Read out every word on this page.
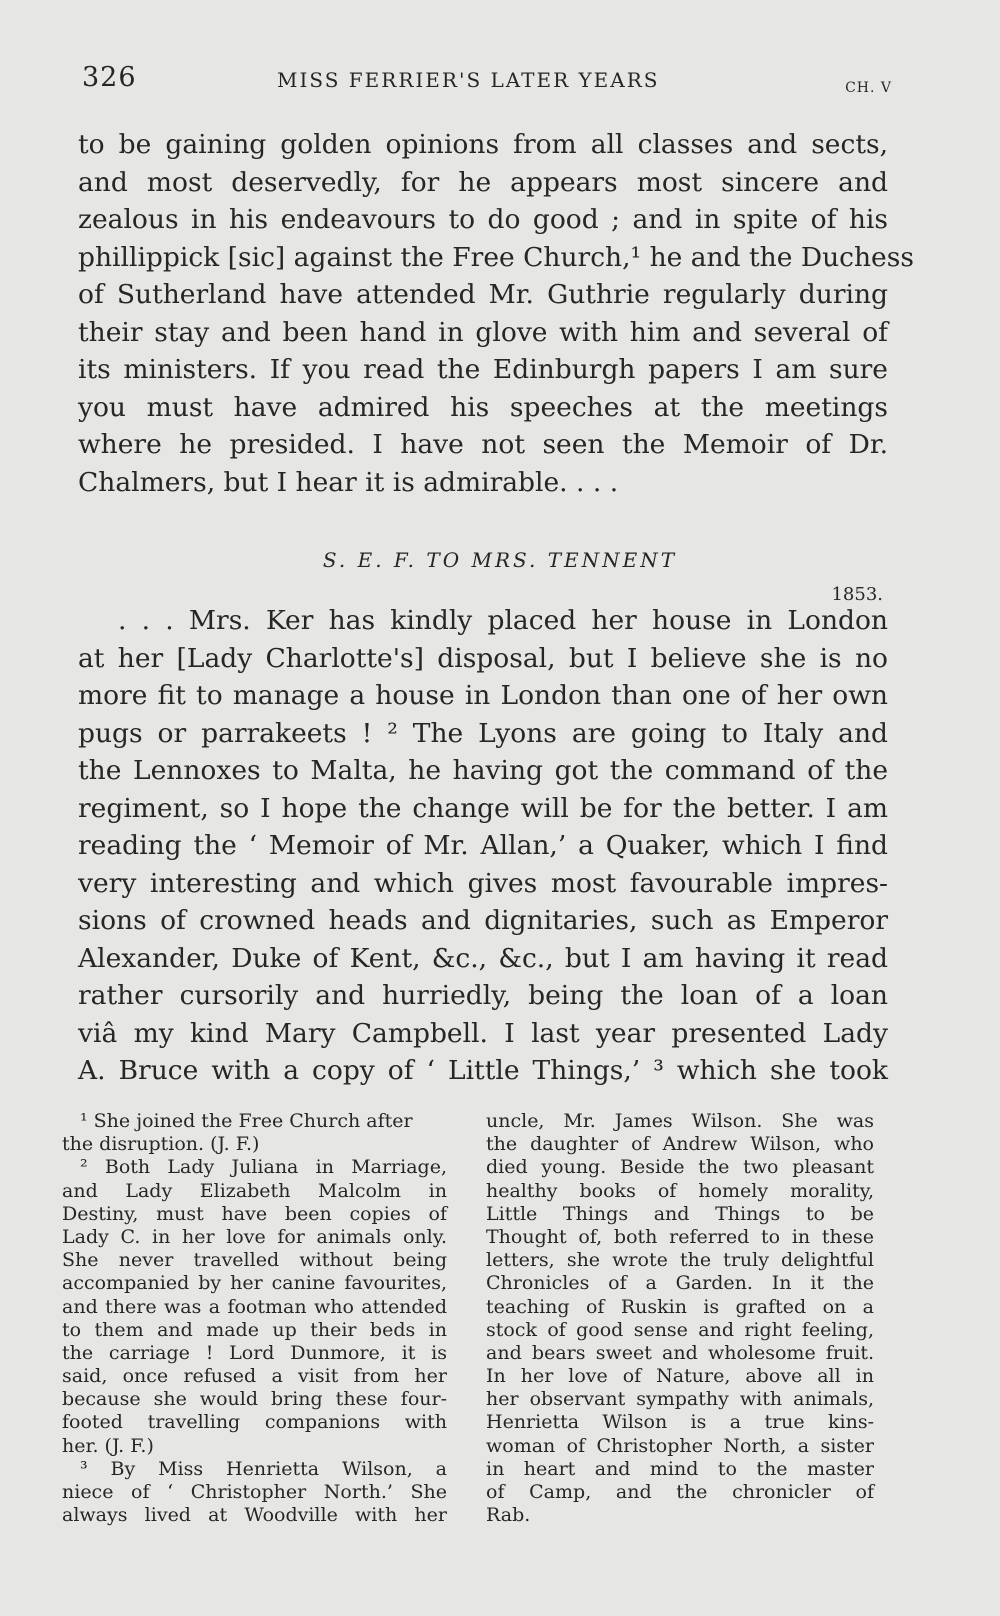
326	MISS FERRIER'S LATER YEARS	CH. V
to be gaining golden opinions from all classes and sects,
and most deservedly, for he appears most sincere and
zealous in his endeavours to do good ; and in spite of his
phillippick [sic] against the Free Church,¹ he and the Duchess
of Sutherland have attended Mr. Guthrie regularly during
their stay and been hand in glove with him and several of
its ministers. If you read the Edinburgh papers I am sure
you must have admired his speeches at the meetings
where he presided. I have not seen the Memoir of Dr.
Chalmers, but I hear it is admirable. . . .
S. E. F. TO MRS. TENNENT
1853.
. . . Mrs. Ker has kindly placed her house in London
at her [Lady Charlotte's] disposal, but I believe she is no
more fit to manage a house in London than one of her own
pugs or parrakeets ! ² The Lyons are going to Italy and
the Lennoxes to Malta, he having got the command of the
regiment, so I hope the change will be for the better. I am
reading the ‘ Memoir of Mr. Allan,’ a Quaker, which I find
very interesting and which gives most favourable impres-
sions of crowned heads and dignitaries, such as Emperor
Alexander, Duke of Kent, &c., &c., but I am having it read
rather cursorily and hurriedly, being the loan of a loan
viâ my kind Mary Campbell. I last year presented Lady
A. Bruce with a copy of ‘ Little Things,’ ³ which she took
¹ She joined the Free Church after
the disruption. (J. F.)
² Both Lady Juliana in Marriage,
and Lady Elizabeth Malcolm in
Destiny, must have been copies of
Lady C. in her love for animals only.
She never travelled without being
accompanied by her canine favourites,
and there was a footman who attended
to them and made up their beds in
the carriage ! Lord Dunmore, it is
said, once refused a visit from her
because she would bring these four-
footed travelling companions with
her. (J. F.)
³ By Miss Henrietta Wilson, a
niece of ‘ Christopher North.’ She
always lived at Woodville with her
uncle, Mr. James Wilson. She was
the daughter of Andrew Wilson, who
died young. Beside the two pleasant
healthy books of homely morality,
Little Things and Things to be
Thought of, both referred to in these
letters, she wrote the truly delightful
Chronicles of a Garden. In it the
teaching of Ruskin is grafted on a
stock of good sense and right feeling,
and bears sweet and wholesome fruit.
In her love of Nature, above all in
her observant sympathy with animals,
Henrietta Wilson is a true kins-
woman of Christopher North, a sister
in heart and mind to the master
of Camp, and the chronicler of
Rab.
